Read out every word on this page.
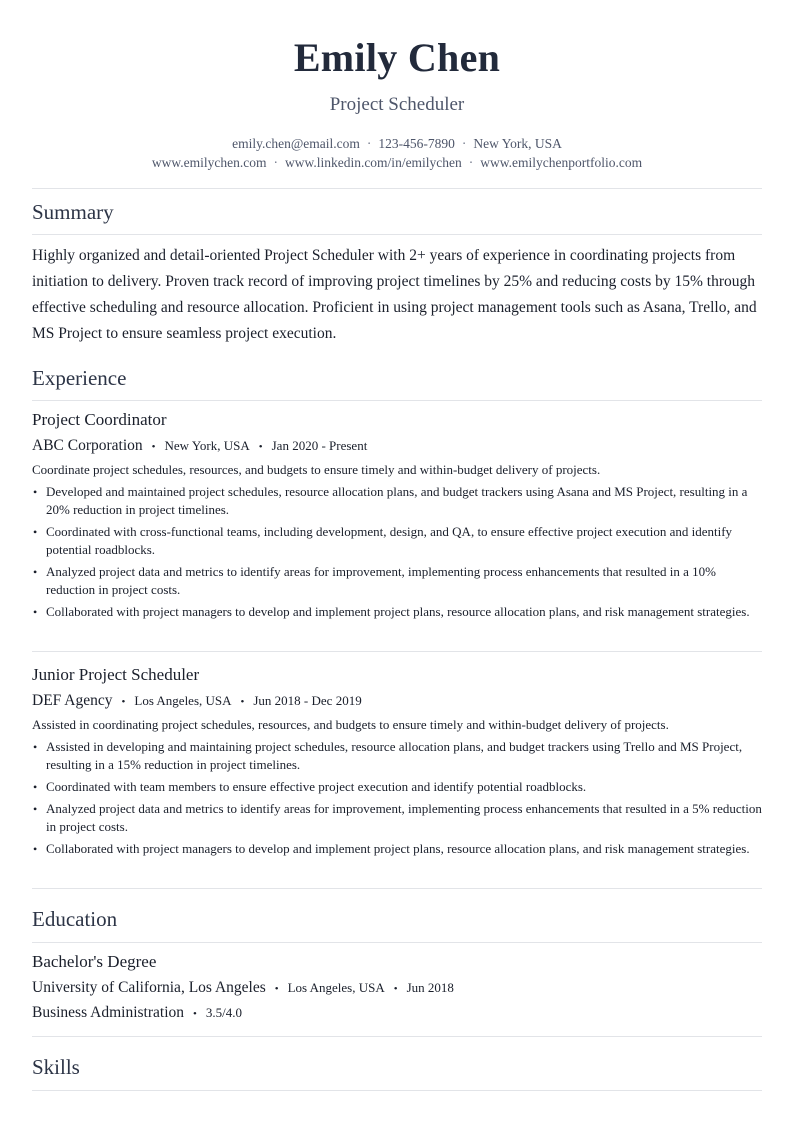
Emily Chen
Project Scheduler
emily.chen@email.com · 123-456-7890 · New York, USA
www.emilychen.com · www.linkedin.com/in/emilychen · www.emilychenportfolio.com
Summary
Highly organized and detail-oriented Project Scheduler with 2+ years of experience in coordinating projects from initiation to delivery. Proven track record of improving project timelines by 25% and reducing costs by 15% through effective scheduling and resource allocation. Proficient in using project management tools such as Asana, Trello, and MS Project to ensure seamless project execution.
Experience
Project Coordinator
ABC Corporation • New York, USA • Jan 2020 - Present
Coordinate project schedules, resources, and budgets to ensure timely and within-budget delivery of projects.
• Developed and maintained project schedules, resource allocation plans, and budget trackers using Asana and MS Project, resulting in a 20% reduction in project timelines.
• Coordinated with cross-functional teams, including development, design, and QA, to ensure effective project execution and identify potential roadblocks.
• Analyzed project data and metrics to identify areas for improvement, implementing process enhancements that resulted in a 10% reduction in project costs.
• Collaborated with project managers to develop and implement project plans, resource allocation plans, and risk management strategies.
Junior Project Scheduler
DEF Agency • Los Angeles, USA • Jun 2018 - Dec 2019
Assisted in coordinating project schedules, resources, and budgets to ensure timely and within-budget delivery of projects.
• Assisted in developing and maintaining project schedules, resource allocation plans, and budget trackers using Trello and MS Project, resulting in a 15% reduction in project timelines.
• Coordinated with team members to ensure effective project execution and identify potential roadblocks.
• Analyzed project data and metrics to identify areas for improvement, implementing process enhancements that resulted in a 5% reduction in project costs.
• Collaborated with project managers to develop and implement project plans, resource allocation plans, and risk management strategies.
Education
Bachelor's Degree
University of California, Los Angeles • Los Angeles, USA • Jun 2018
Business Administration • 3.5/4.0
Skills
